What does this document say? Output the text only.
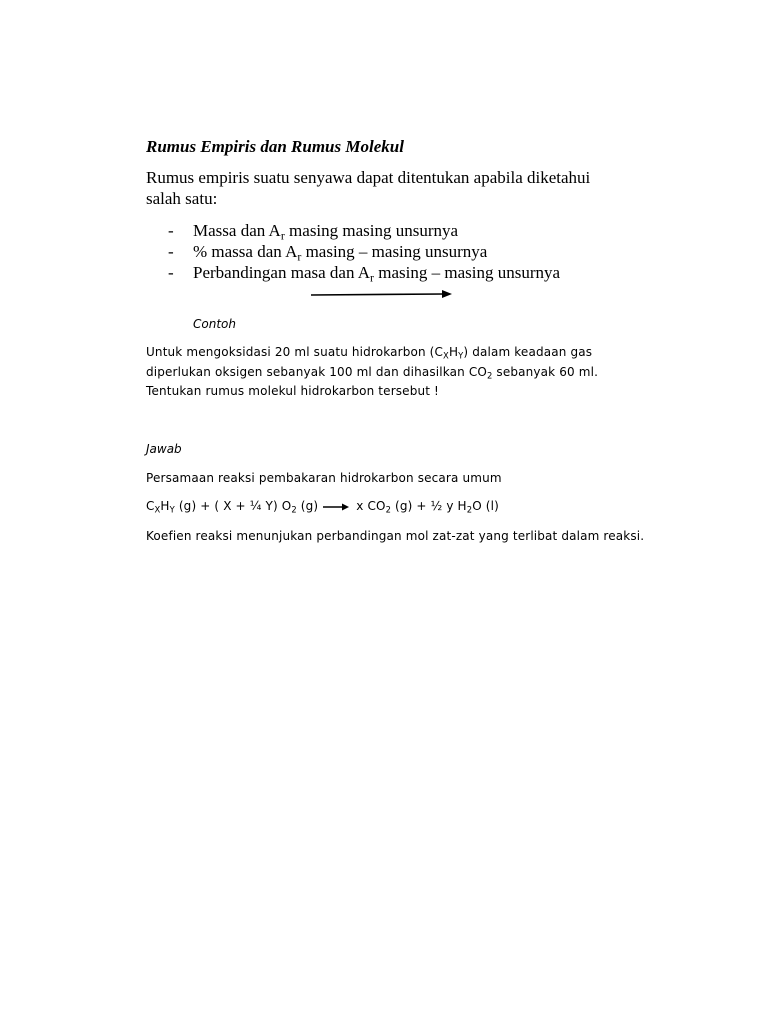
Rumus Empiris dan Rumus Molekul

Rumus empiris suatu senyawa dapat ditentukan apabila diketahui

salah satu:

- Massa dan $A_r$ masing masing unsurnya
- % massa dan $A_r$ masing – masing unsurnya
- Perbandingan masa dan $A_r$ masing – masing unsurnya

Contoh

Untuk mengoksidasi 20 ml suatu hidrokarbon $(C_XH_Y)$ dalam keadaan gas

diperlukan oksigen sebanyak 100 ml dan dihasilkan $CO_2$ sebanyak 60 ml.

Tentukan rumus molekul hidrokarbon tersebut !

Jawab

Persamaan reaksi pembakaran hidrokarbon secara umum

$C_XH_Y$ (g) + ( X + ¼ Y) $O_2$ (g) → x $CO_2$ (g) + ½ y $H_2O$ (l)

Koefien reaksi menunjukan perbandingan mol zat-zat yang terlibat dalam reaksi.
